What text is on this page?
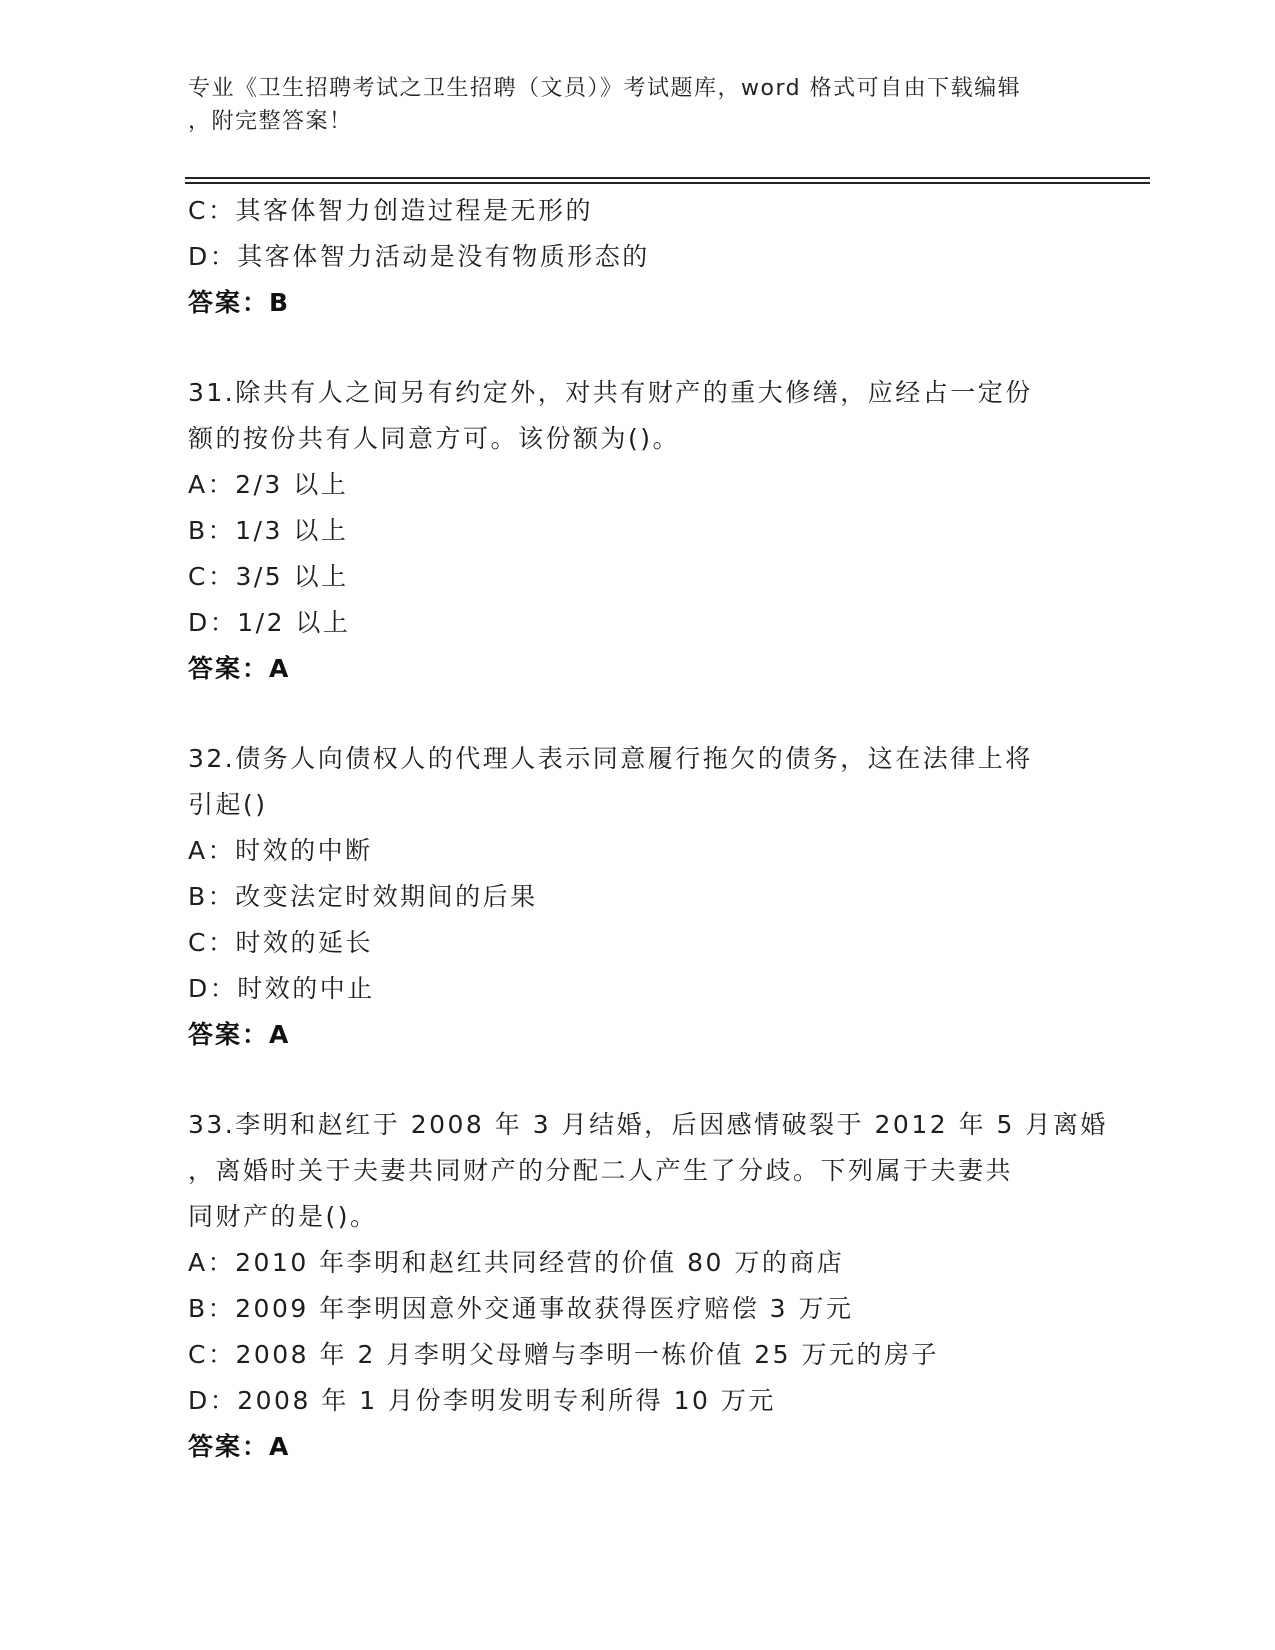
专业《卫生招聘考试之卫生招聘（文员）》考试题库，word 格式可自由下载编辑
，附完整答案！
C：其客体智力创造过程是无形的
D：其客体智力活动是没有物质形态的
答案：B
31.除共有人之间另有约定外，对共有财产的重大修缮，应经占一定份
额的按份共有人同意方可。该份额为()。
A：2/3 以上
B：1/3 以上
C：3/5 以上
D：1/2 以上
答案：A
32.债务人向债权人的代理人表示同意履行拖欠的债务，这在法律上将
引起()
A：时效的中断
B：改变法定时效期间的后果
C：时效的延长
D：时效的中止
答案：A
33.李明和赵红于 2008 年 3 月结婚，后因感情破裂于 2012 年 5 月离婚
，离婚时关于夫妻共同财产的分配二人产生了分歧。下列属于夫妻共
同财产的是()。
A：2010 年李明和赵红共同经营的价值 80 万的商店
B：2009 年李明因意外交通事故获得医疗赔偿 3 万元
C：2008 年 2 月李明父母赠与李明一栋价值 25 万元的房子
D：2008 年 1 月份李明发明专利所得 10 万元
答案：A
